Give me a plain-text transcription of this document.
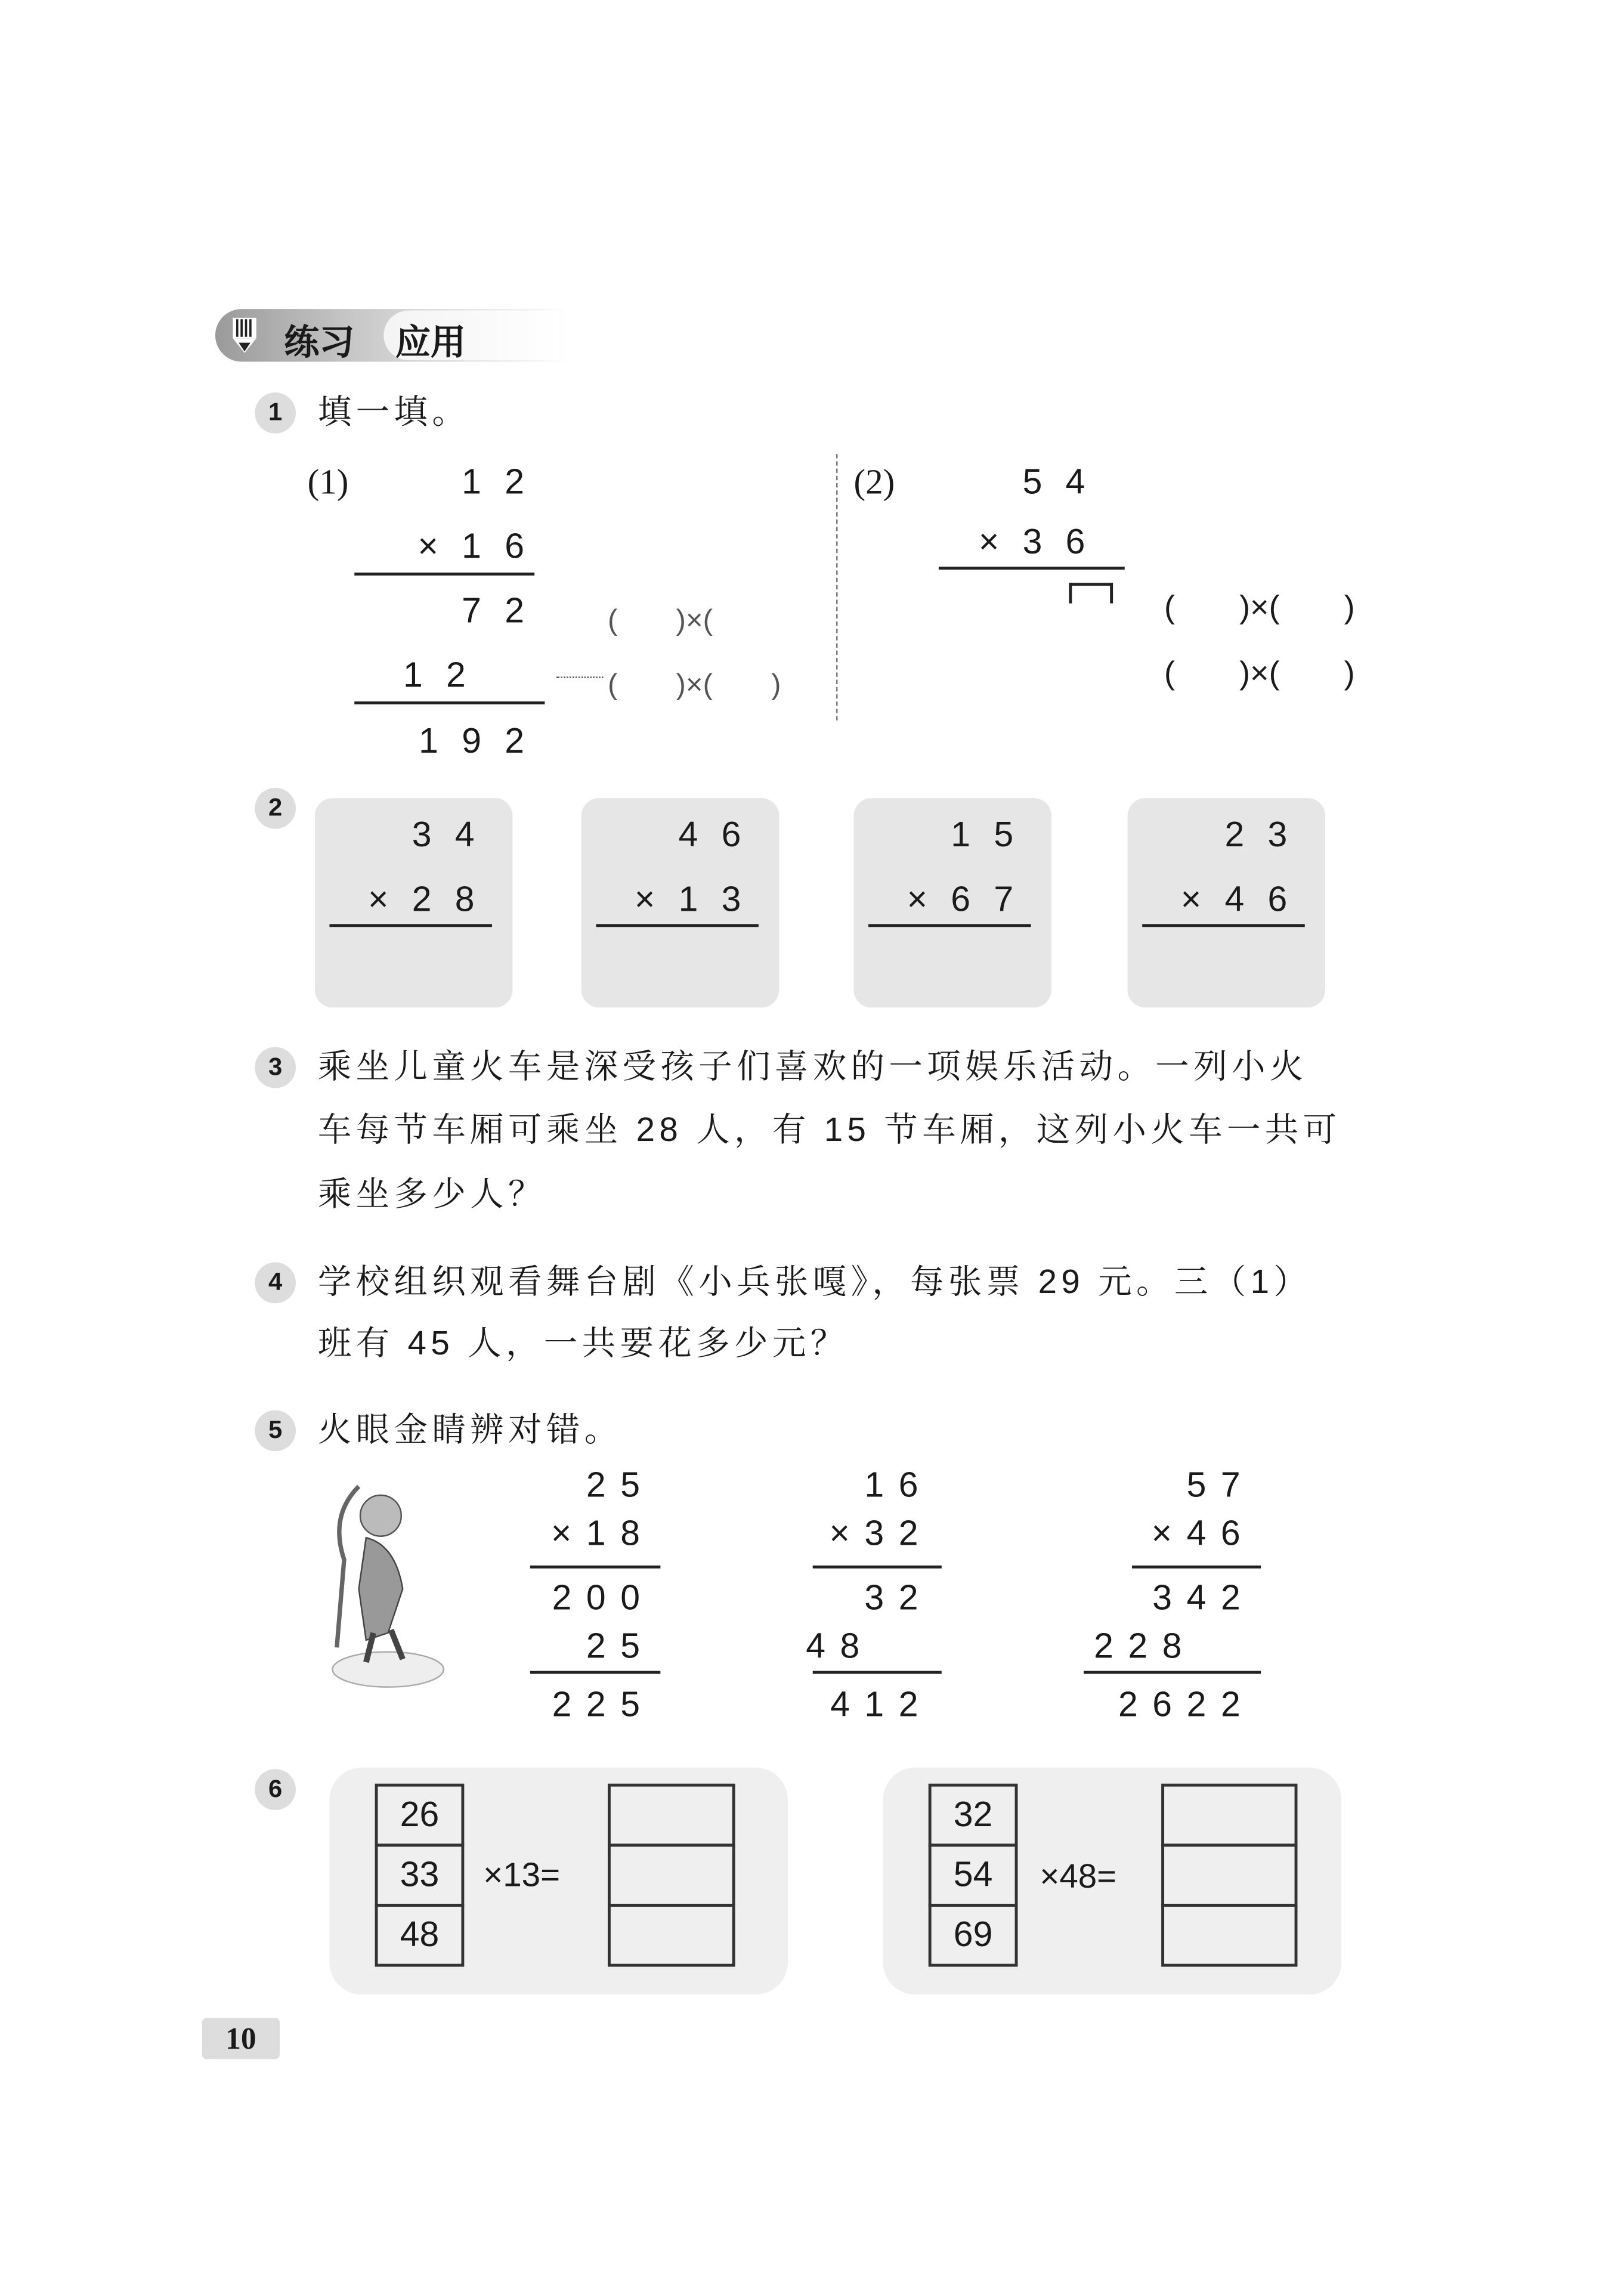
练习	应用
1	填一填。
(1)	12
×16
72	(　　)×(
12	(　　)×(　　)
192
(2)	54
×36
(　　)×(　　)
(　　)×(　　)
2
34
×28
46
×13
15
×67
23
×46
3	乘坐儿童火车是深受孩子们喜欢的一项娱乐活动。一列小火
车每节车厢可乘坐 28 人，有 15 节车厢，这列小火车一共可
乘坐多少人？
4	学校组织观看舞台剧《小兵张嘎》，每张票 29 元。三（1）
班有 45 人，一共要花多少元？
5	火眼金睛辨对错。
25
×18
200
25
225
16
×32
32
48
412
57
×46
342
228
2622
6
26
33
48
×13=
32
54
69
×48=
10
